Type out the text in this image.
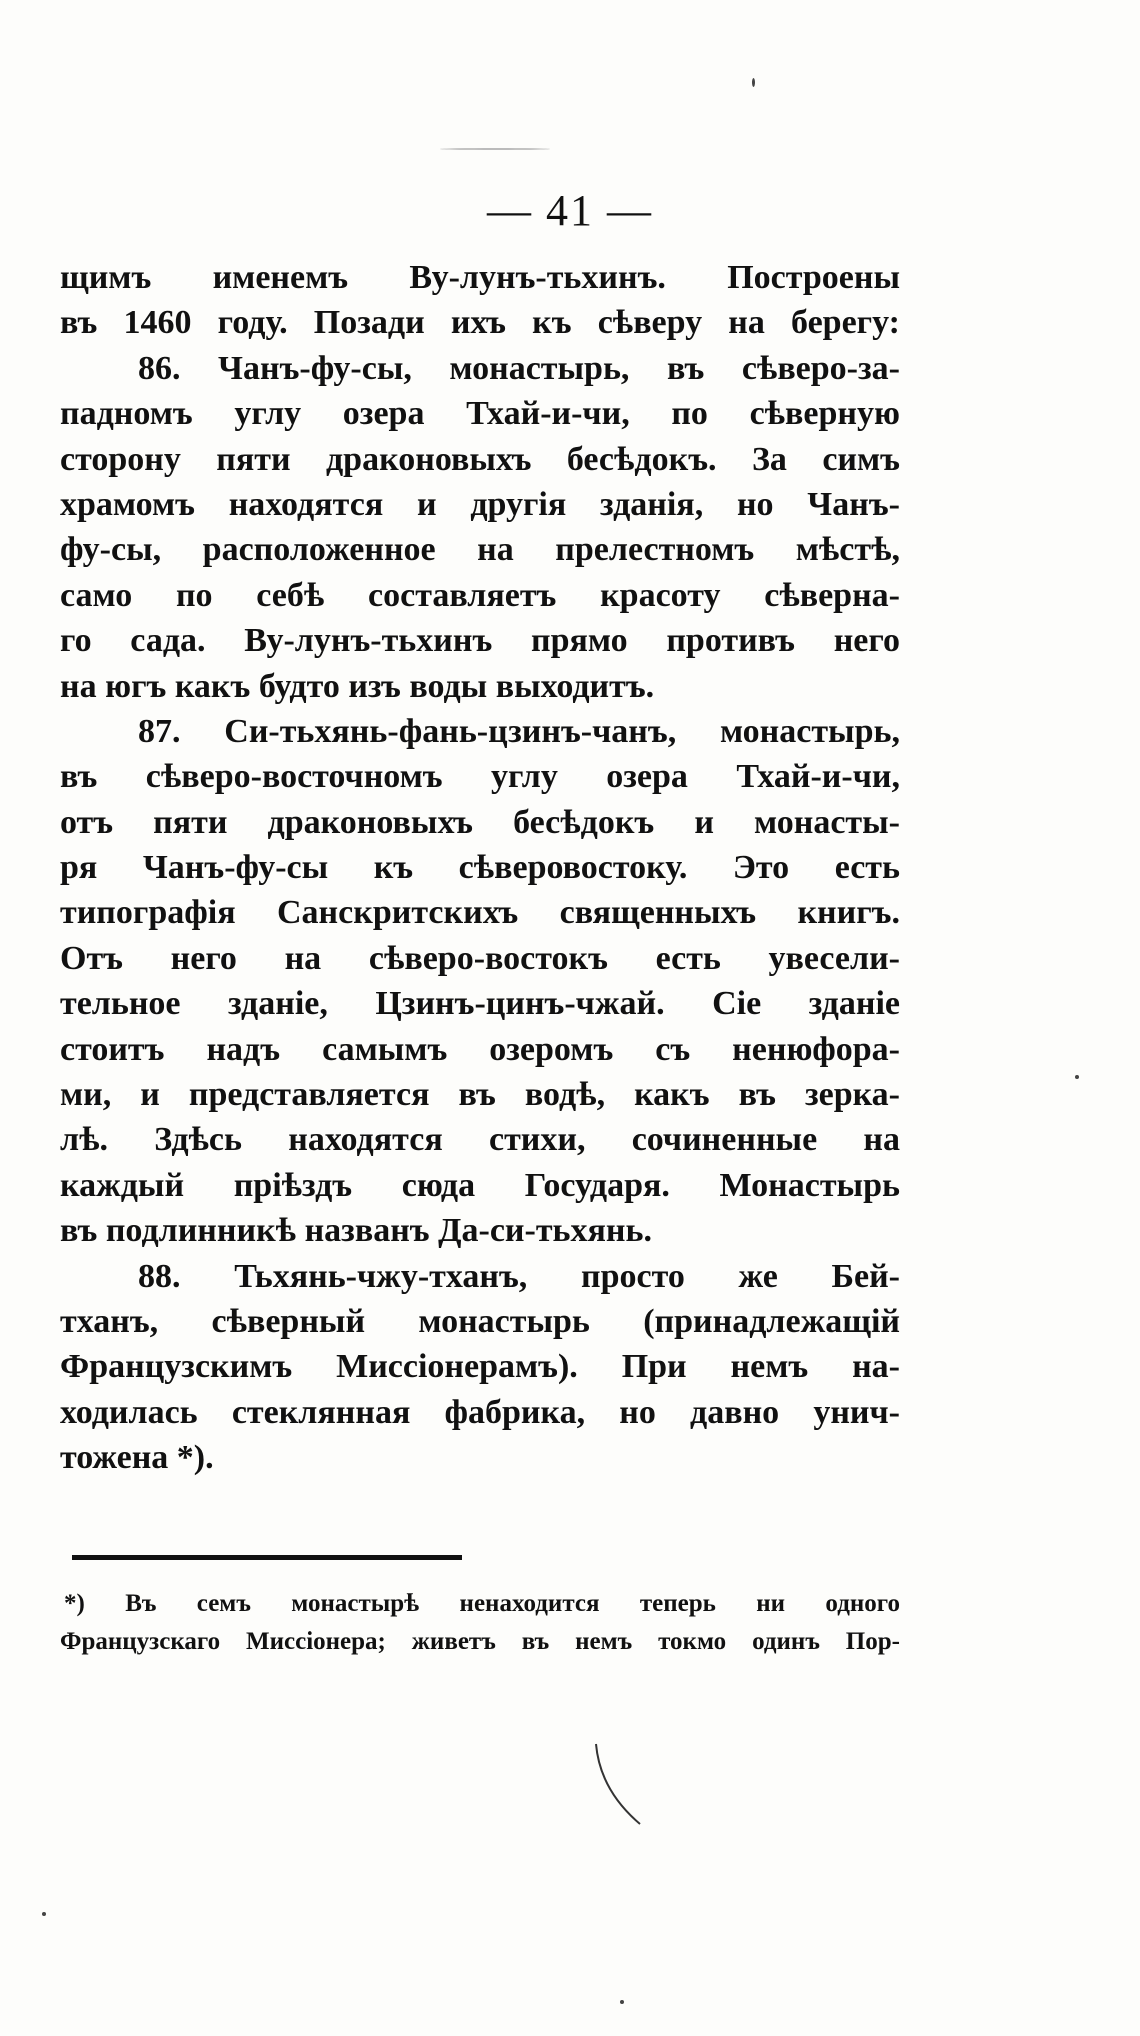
— 41 —
щимъ именемъ Ву-лунъ-тьхинъ. Построены
въ 1460 году. Позади ихъ къ сѣверу на берегу:
86. Чанъ-фу-сы, монастырь, въ сѣверо-за-
падномъ углу озера Тхай-и-чи, по сѣверную
сторону пяти драконовыхъ бесѣдокъ. За симъ
храмомъ находятся и другія зданія, но Чанъ-
фу-сы, расположенное на прелестномъ мѣстѣ,
само по себѣ составляетъ красоту сѣверна-
го сада. Ву-лунъ-тьхинъ прямо противъ него
на югъ какъ будто изъ воды выходитъ.
87. Си-тьхянь-фань-цзинъ-чанъ, монастырь,
въ сѣверо-восточномъ углу озера Тхай-и-чи,
отъ пяти драконовыхъ бесѣдокъ и монасты-
ря Чанъ-фу-сы къ сѣверовостоку. Это есть
типографія Санскритскихъ священныхъ книгъ.
Отъ него на сѣверо-востокъ есть увесели-
тельное зданіе, Цзинъ-цинъ-чжай. Сіе зданіе
стоитъ надъ самымъ озеромъ съ ненюфора-
ми, и представляется въ водѣ, какъ въ зерка-
лѣ. Здѣсь находятся стихи, сочиненные на
каждый пріѣздъ сюда Государя. Монастырь
въ подлинникѣ названъ Да-си-тьхянь.
88. Тьхянь-чжу-тханъ, просто же Бей-
тханъ, сѣверный монастырь (принадлежащій
Французскимъ Миссіонерамъ). При немъ на-
ходилась стеклянная фабрика, но давно унич-
тожена *).
*) Въ семъ монастырѣ ненаходится теперь ни одного
Французскаго Миссіонера; живетъ въ немъ токмо одинъ Пор-
